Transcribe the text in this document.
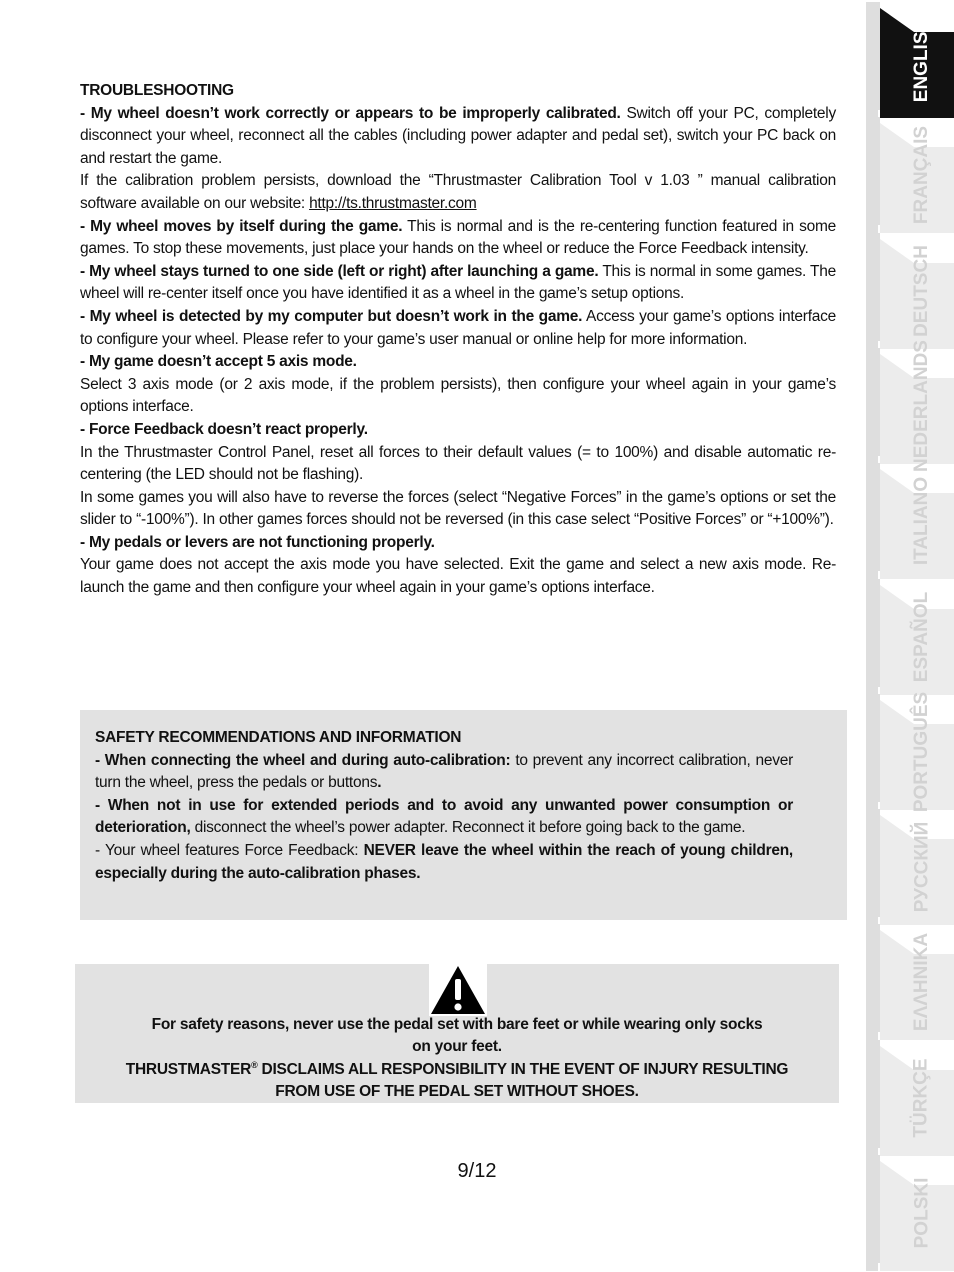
TROUBLESHOOTING

- My wheel doesn’t work correctly or appears to be improperly calibrated. Switch off your PC, completely disconnect your wheel, reconnect all the cables (including power adapter and pedal set), switch your PC back on and restart the game.

If the calibration problem persists, download the “Thrustmaster Calibration Tool v 1.03 ” manual calibration software available on our website: http://ts.thrustmaster.com

- My wheel moves by itself during the game. This is normal and is the re-centering function featured in some games. To stop these movements, just place your hands on the wheel or reduce the Force Feedback intensity.

- My wheel stays turned to one side (left or right) after launching a game. This is normal in some games. The wheel will re-center itself once you have identified it as a wheel in the game’s setup options.

- My wheel is detected by my computer but doesn’t work in the game. Access your game’s options interface to configure your wheel. Please refer to your game’s user manual or online help for more information.

- My game doesn’t accept 5 axis mode.

Select 3 axis mode (or 2 axis mode, if the problem persists), then configure your wheel again in your game’s options interface.

- Force Feedback doesn’t react properly.

In the Thrustmaster Control Panel, reset all forces to their default values (= to 100%) and disable automatic re-centering (the LED should not be flashing).

In some games you will also have to reverse the forces (select “Negative Forces” in the game’s options or set the slider to “-100%”). In other games forces should not be reversed (in this case select “Positive Forces” or “+100%”).

- My pedals or levers are not functioning properly.

Your game does not accept the axis mode you have selected. Exit the game and select a new axis mode. Re-launch the game and then configure your wheel again in your game’s options interface.

SAFETY RECOMMENDATIONS AND INFORMATION

- When connecting the wheel and during auto-calibration: to prevent any incorrect calibration, never turn the wheel, press the pedals or buttons.

- When not in use for extended periods and to avoid any unwanted power consumption or deterioration, disconnect the wheel’s power adapter. Reconnect it before going back to the game.

- Your wheel features Force Feedback: NEVER leave the wheel within the reach of young children, especially during the auto-calibration phases.

For safety reasons, never use the pedal set with bare feet or while wearing only socks

on your feet.

THRUSTMASTER® DISCLAIMS ALL RESPONSIBILITY IN THE EVENT OF INJURY RESULTING

FROM USE OF THE PEDAL SET WITHOUT SHOES.

9/12
ENGLISH
FRANÇAIS
DEUTSCH
NEDERLANDS
ITALIANO
ESPAÑOL
PORTUGUÊS
РУССКИЙ
ΕΛΛΗΝΙΚΑ
TÜRKÇE
POLSKI
